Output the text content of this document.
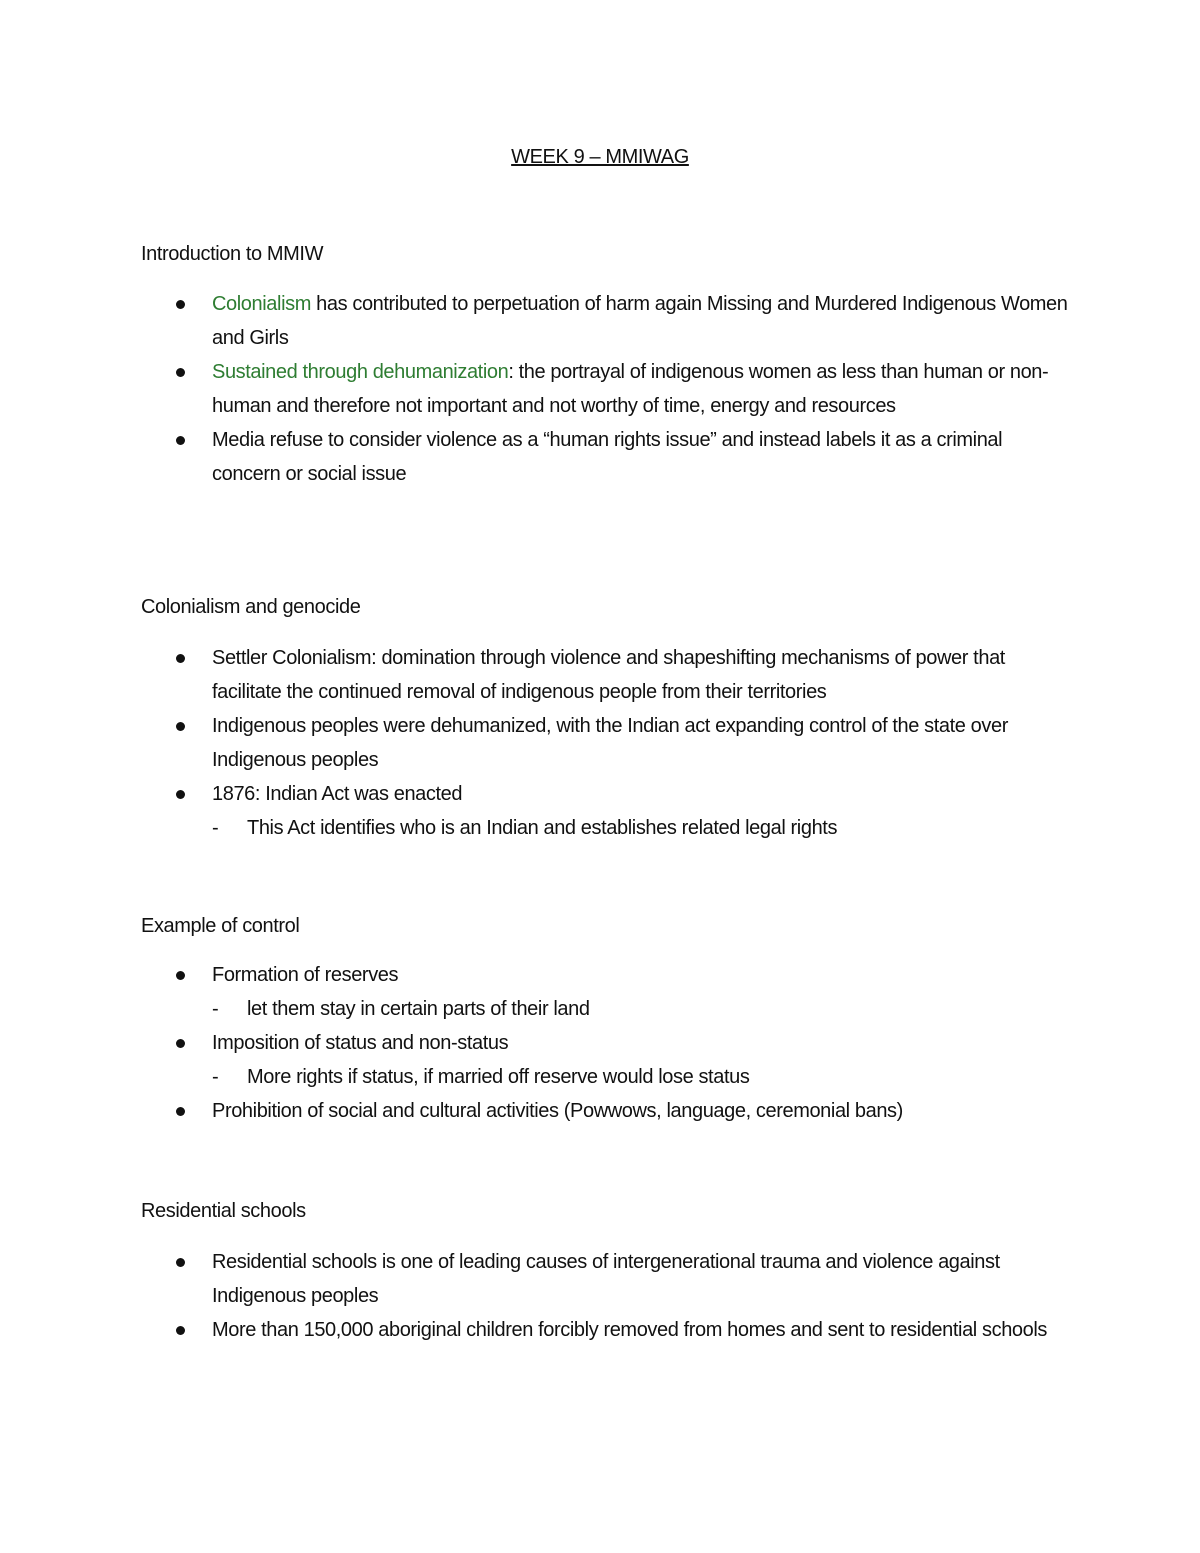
WEEK 9 – MMIWAG
Introduction to MMIW
Colonialism has contributed to perpetuation of harm again Missing and Murdered Indigenous Women and Girls
Sustained through dehumanization: the portrayal of indigenous women as less than human or non-human and therefore not important and not worthy of time, energy and resources
Media refuse to consider violence as a “human rights issue” and instead labels it as a criminal concern or social issue
Colonialism and genocide
Settler Colonialism: domination through violence and shapeshifting mechanisms of power that facilitate the continued removal of indigenous people from their territories
Indigenous peoples were dehumanized, with the Indian act expanding control of the state over Indigenous peoples
1876: Indian Act was enacted
- This Act identifies who is an Indian and establishes related legal rights
Example of control
Formation of reserves
- let them stay in certain parts of their land
Imposition of status and non-status
- More rights if status, if married off reserve would lose status
Prohibition of social and cultural activities (Powwows, language, ceremonial bans)
Residential schools
Residential schools is one of leading causes of intergenerational trauma and violence against Indigenous peoples
More than 150,000 aboriginal children forcibly removed from homes and sent to residential schools
